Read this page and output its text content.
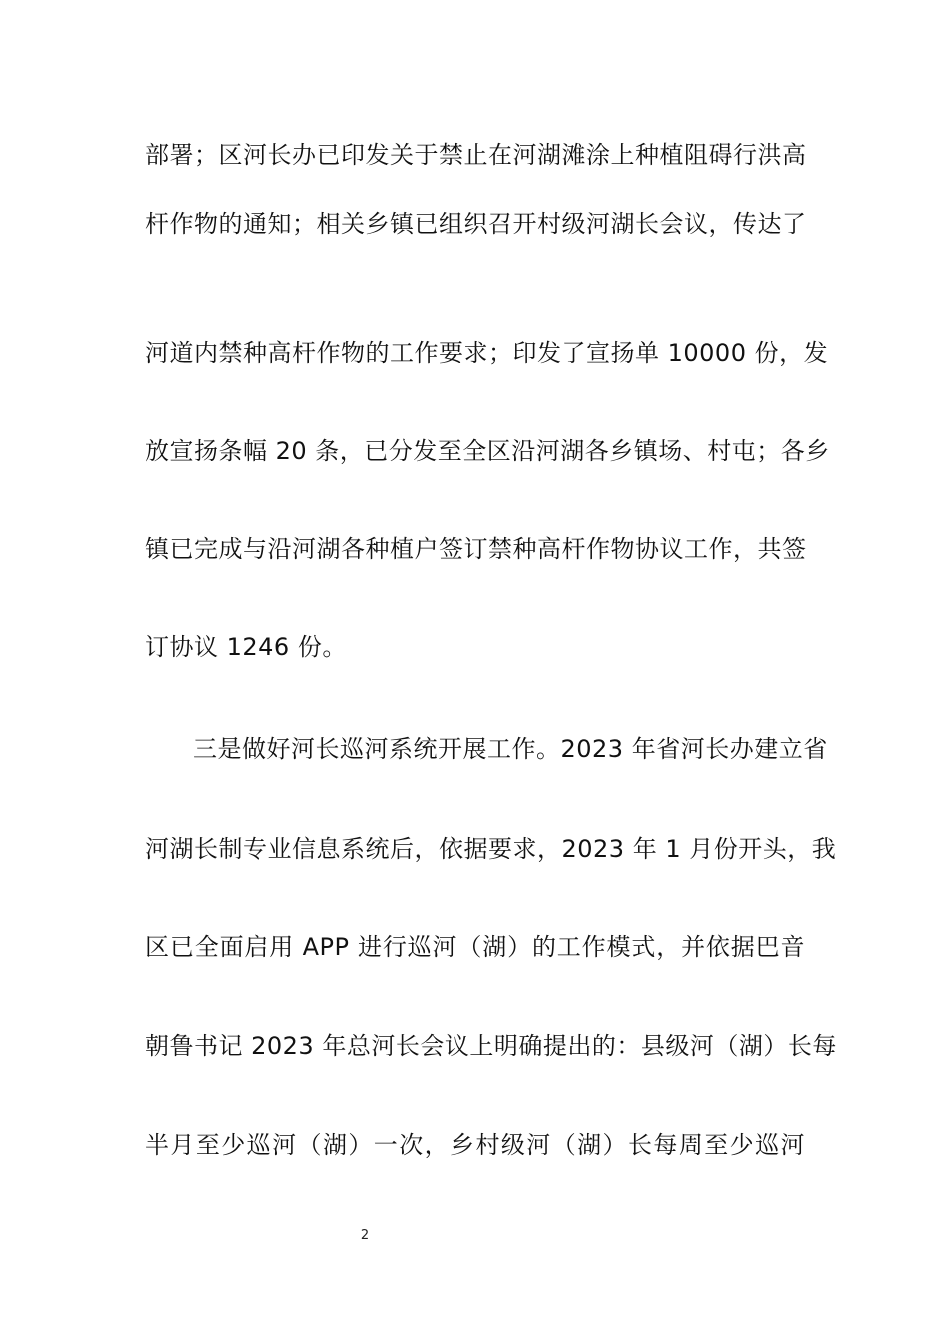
部署；区河长办已印发关于禁止在河湖滩涂上种植阻碍行洪高
杆作物的通知；相关乡镇已组织召开村级河湖长会议，传达了
河道内禁种高杆作物的工作要求；印发了宣扬单 10000 份，发
放宣扬条幅 20 条，已分发至全区沿河湖各乡镇场、村屯；各乡
镇已完成与沿河湖各种植户签订禁种高杆作物协议工作，共签
订协议 1246 份。
三是做好河长巡河系统开展工作。2023 年省河长办建立省
河湖长制专业信息系统后，依据要求，2023 年 1 月份开头，我
区已全面启用 APP 进行巡河（湖）的工作模式，并依据巴音
朝鲁书记 2023 年总河长会议上明确提出的：县级河（湖）长每
半月至少巡河（湖）一次，乡村级河（湖）长每周至少巡河
2
